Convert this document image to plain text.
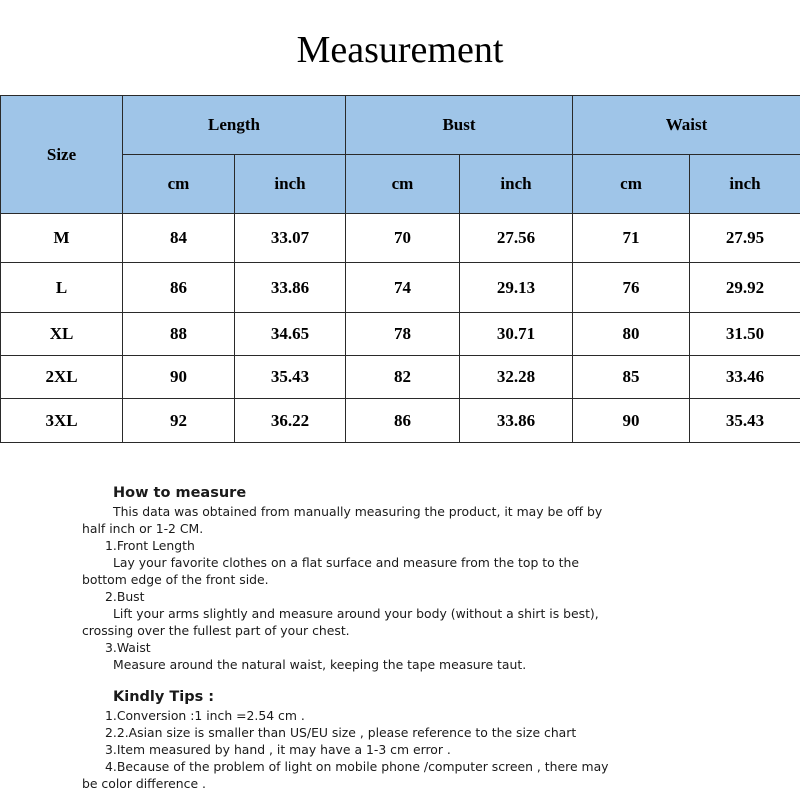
Measurement
Size	Length		Bust		Waist	
	cm	inch	cm	inch	cm	inch
M	84	33.07	70	27.56	71	27.95
L	86	33.86	74	29.13	76	29.92
XL	88	34.65	78	30.71	80	31.50
2XL	90	35.43	82	32.28	85	33.46
3XL	92	36.22	86	33.86	90	35.43
How to measure
This data was obtained from manually measuring the product, it may be off by
half inch or 1-2 CM.
1.Front Length
Lay your favorite clothes on a flat surface and measure from the top to the
bottom edge of the front side.
2.Bust
Lift your arms slightly and measure around your body (without a shirt is best),
crossing over the fullest part of your chest.
3.Waist
Measure around the natural waist, keeping the tape measure taut.
Kindly Tips :
1.Conversion :1 inch =2.54 cm .
2.2.Asian size is smaller than US/EU size , please reference to the size chart
3.Item measured by hand , it may have a 1-3 cm error .
4.Because of the problem of light on mobile phone /computer screen , there may
be color difference .
